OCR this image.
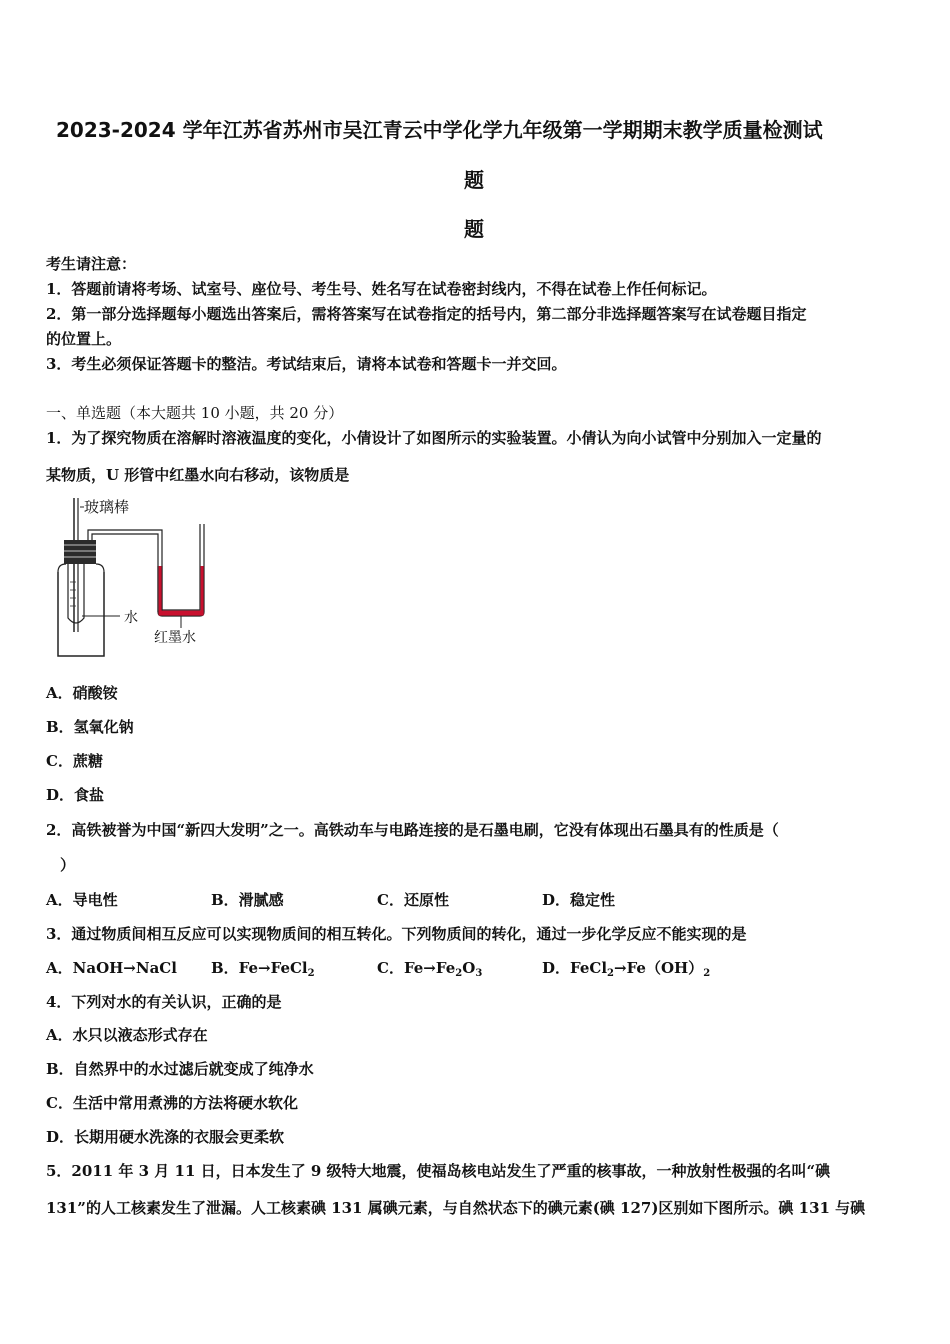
2023-2024 学年江苏省苏州市吴江青云中学化学九年级第一学期期末教学质量检测试
题
题
考生请注意：
1．答题前请将考场、试室号、座位号、考生号、姓名写在试卷密封线内，不得在试卷上作任何标记。
2．第一部分选择题每小题选出答案后，需将答案写在试卷指定的括号内，第二部分非选择题答案写在试卷题目指定
的位置上。
3．考生必须保证答题卡的整洁。考试结束后，请将本试卷和答题卡一并交回。
一、单选题（本大题共 10 小题，共 20 分）
1．为了探究物质在溶解时溶液温度的变化，小倩设计了如图所示的实验装置。小倩认为向小试管中分别加入一定量的
某物质，U 形管中红墨水向右移动，该物质是
玻璃棒
水
红墨水
A．硝酸铵
B．氢氧化钠
C．蔗糖
D．食盐
2．高铁被誉为中国“新四大发明”之一。高铁动车与电路连接的是石墨电刷，它没有体现出石墨具有的性质是（
）
A．导电性	B．滑腻感	C．还原性	D．稳定性
3．通过物质间相互反应可以实现物质间的相互转化。下列物质间的转化，通过一步化学反应不能实现的是
A．NaOH→NaCl B．Fe→FeCl$_2$	C．$Fe\to Fe_2O_3$	D．$FeCl_2\to Fe(OH)_2$
4．下列对水的有关认识，正确的是
A．水只以液态形式存在
B．自然界中的水过滤后就变成了纯净水
C．生活中常用煮沸的方法将硬水软化
D．长期用硬水洗涤的衣服会更柔软
5．2011 年 3 月 11 日，日本发生了 9 级特大地震，使福岛核电站发生了严重的核事故，一种放射性极强的名叫“碘
131”的人工核素发生了泄漏。人工核素碘 131 属碘元素，与自然状态下的碘元素(碘 127)区别如下图所示。碘 131 与碘
